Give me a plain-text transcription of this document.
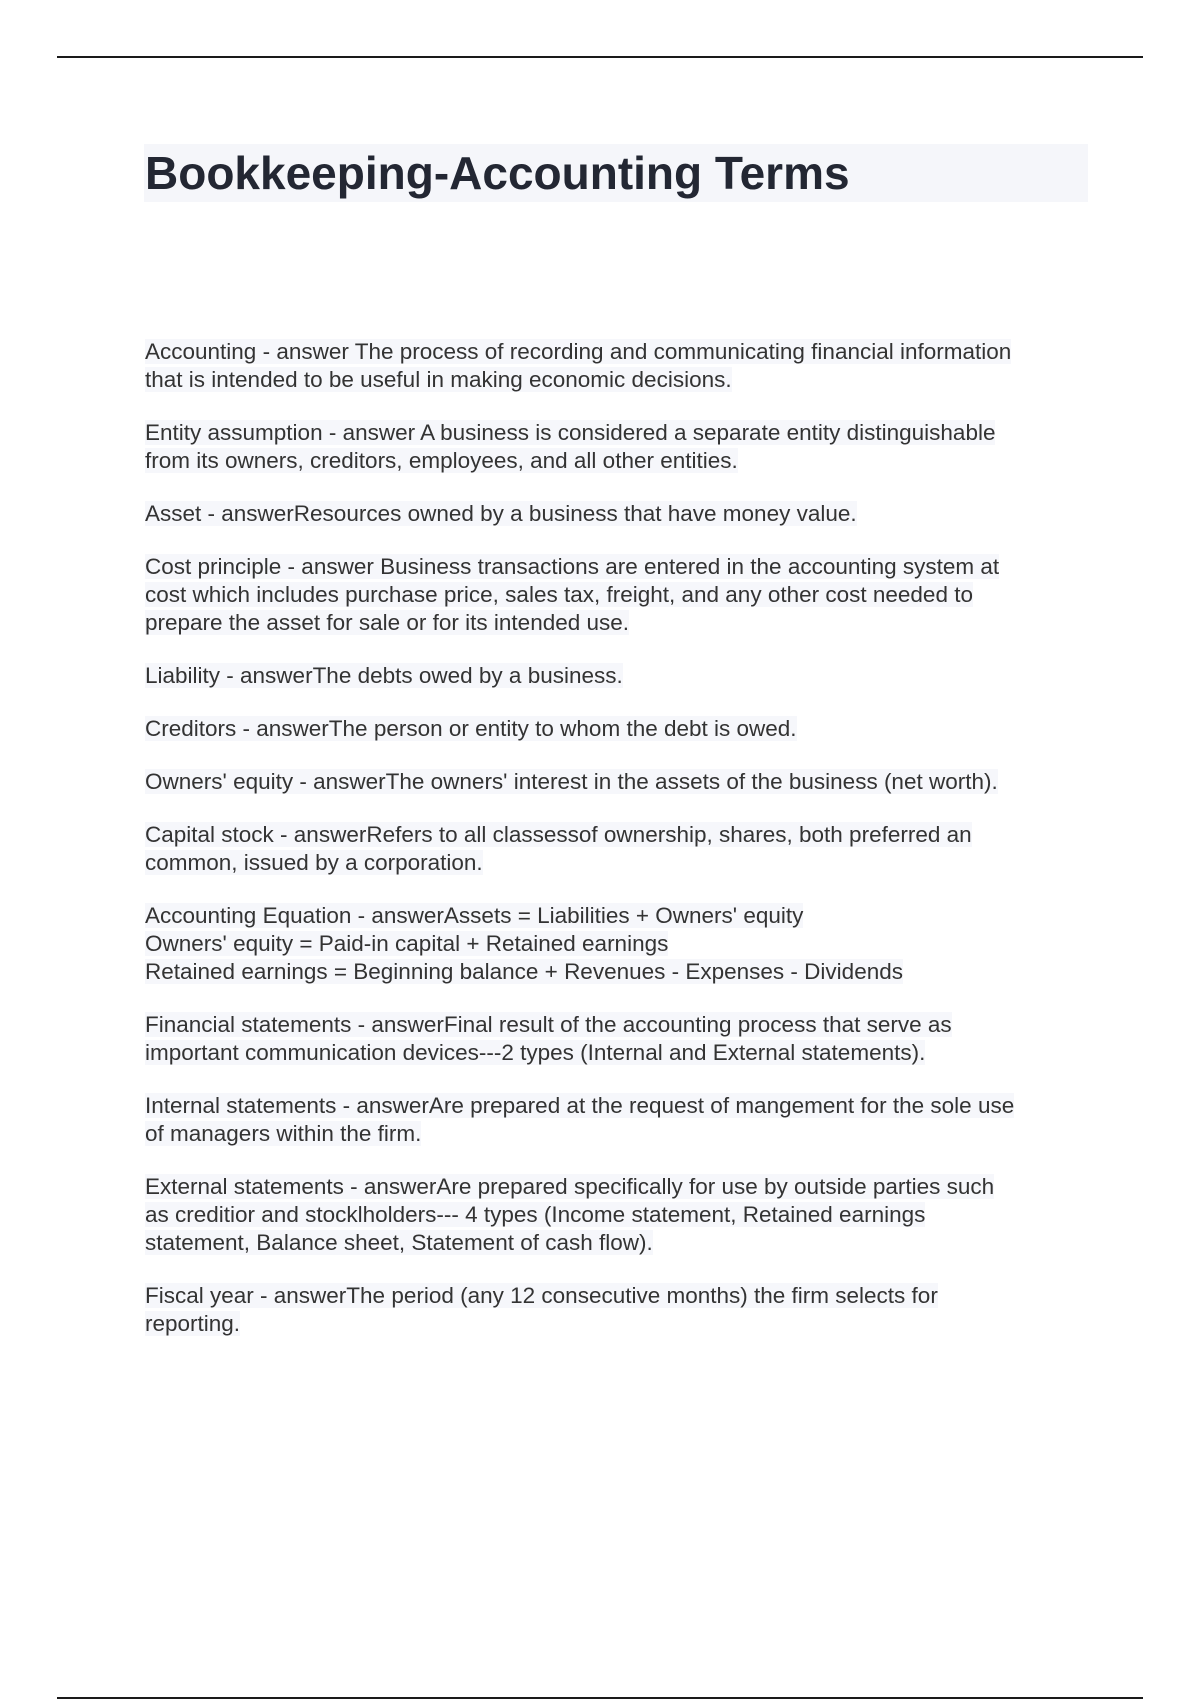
Bookkeeping-Accounting Terms

Accounting - answer The process of recording and communicating financial information
that is intended to be useful in making economic decisions.

Entity assumption - answer A business is considered a separate entity distinguishable
from its owners, creditors, employees, and all other entities.

Asset - answerResources owned by a business that have money value.

Cost principle - answer Business transactions are entered in the accounting system at
cost which includes purchase price, sales tax, freight, and any other cost needed to
prepare the asset for sale or for its intended use.

Liability - answerThe debts owed by a business.

Creditors - answerThe person or entity to whom the debt is owed.

Owners' equity - answerThe owners' interest in the assets of the business (net worth).

Capital stock - answerRefers to all classessof ownership, shares, both preferred an
common, issued by a corporation.

Accounting Equation - answerAssets = Liabilities + Owners' equity
Owners' equity = Paid-in capital + Retained earnings
Retained earnings = Beginning balance + Revenues - Expenses - Dividends

Financial statements - answerFinal result of the accounting process that serve as
important communication devices---2 types (Internal and External statements).

Internal statements - answerAre prepared at the request of mangement for the sole use
of managers within the firm.

External statements - answerAre prepared specifically for use by outside parties such
as creditior and stocklholders--- 4 types (Income statement, Retained earnings
statement, Balance sheet, Statement of cash flow).

Fiscal year - answerThe period (any 12 consecutive months) the firm selects for
reporting.
